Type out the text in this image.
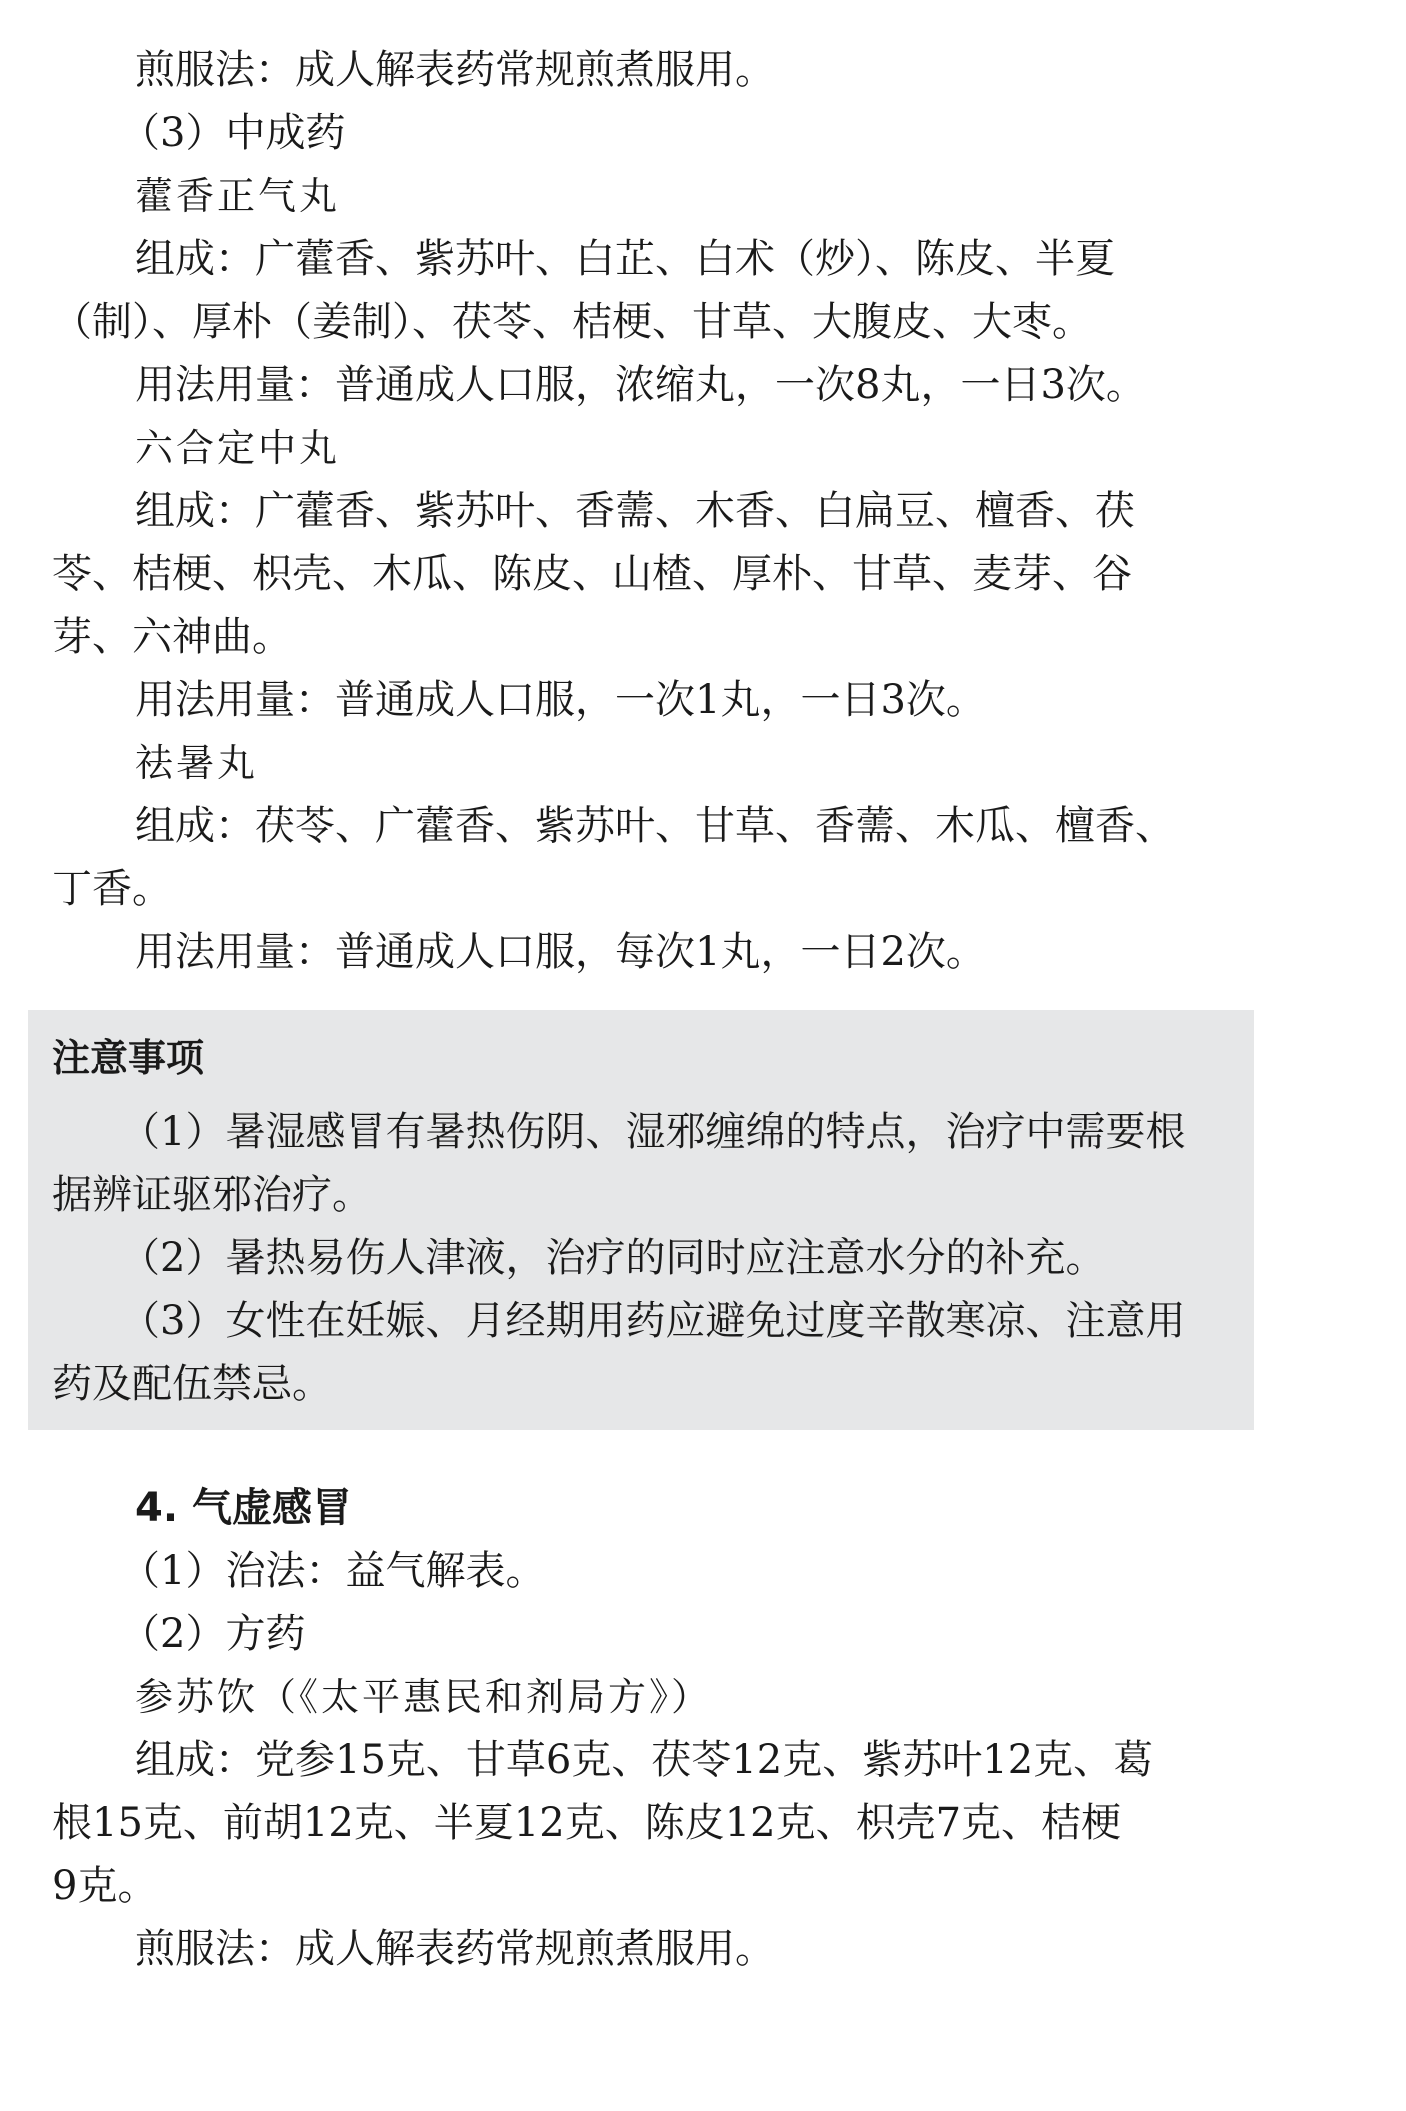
煎服法：成人解表药常规煎煮服用。
（3）中成药
藿香正气丸
组成：广藿香、紫苏叶、白芷、白术（炒）、陈皮、半夏
（制）、厚朴（姜制）、茯苓、桔梗、甘草、大腹皮、大枣。
用法用量：普通成人口服，浓缩丸，一次8丸，一日3次。
六合定中丸
组成：广藿香、紫苏叶、香薷、木香、白扁豆、檀香、茯
苓、桔梗、枳壳、木瓜、陈皮、山楂、厚朴、甘草、麦芽、谷
芽、六神曲。
用法用量：普通成人口服，一次1丸，一日3次。
祛暑丸
组成：茯苓、广藿香、紫苏叶、甘草、香薷、木瓜、檀香、
丁香。
用法用量：普通成人口服，每次1丸，一日2次。
注意事项
（1）暑湿感冒有暑热伤阴、湿邪缠绵的特点，治疗中需要根
据辨证驱邪治疗。
（2）暑热易伤人津液，治疗的同时应注意水分的补充。
（3）女性在妊娠、月经期用药应避免过度辛散寒凉、注意用
药及配伍禁忌。
4. 气虚感冒
（1）治法：益气解表。
（2）方药
参苏饮（《太平惠民和剂局方》）
组成：党参15克、甘草6克、茯苓12克、紫苏叶12克、葛
根15克、前胡12克、半夏12克、陈皮12克、枳壳7克、桔梗
9克。
煎服法：成人解表药常规煎煮服用。
